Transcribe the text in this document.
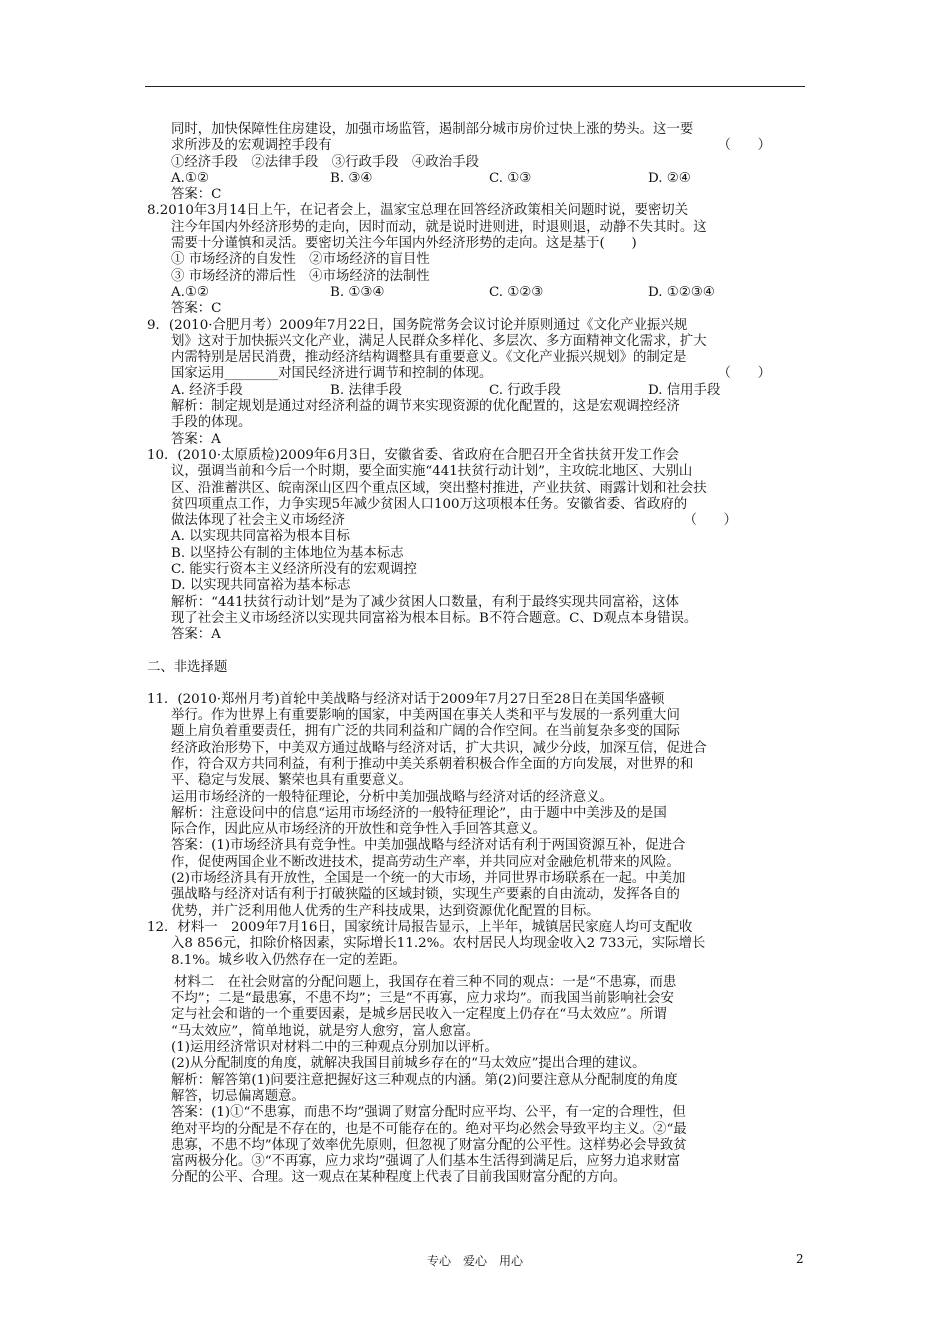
同时，加快保障性住房建设，加强市场监管，遏制部分城市房价过快上涨的势头。这一要
求所涉及的宏观调控手段有	（　　）
①经济手段　②法律手段　③行政手段　④政治手段
A.①②	B. ③④	C. ①③	D. ②④
答案：C
8.2010年3月14日上午，在记者会上，温家宝总理在回答经济政策相关问题时说，要密切关
注今年国内外经济形势的走向，因时而动，就是说时进则进，时退则退，动静不失其时。这
需要十分谨慎和灵活。要密切关注今年国内外经济形势的走向。这是基于(　　)
① 市场经济的自发性　②市场经济的盲目性
③ 市场经济的滞后性　④市场经济的法制性
A.①②	B. ①③④	C. ①②③	D. ①②③④
答案：C
9．(2010·合肥月考）2009年7月22日，国务院常务会议讨论并原则通过《文化产业振兴规
划》这对于加快振兴文化产业，满足人民群众多样化、多层次、多方面精神文化需求，扩大
内需特别是居民消费，推动经济结构调整具有重要意义。《文化产业振兴规划》的制定是
国家运用________对国民经济进行调节和控制的体现。	（　　）
A. 经济手段	B. 法律手段	C. 行政手段	D. 信用手段
解析：制定规划是通过对经济利益的调节来实现资源的优化配置的，这是宏观调控经济
手段的体现。
答案：A
10．(2010·太原质检)2009年6月3日，安徽省委、省政府在合肥召开全省扶贫开发工作会
议，强调当前和今后一个时期，要全面实施“441扶贫行动计划”，主攻皖北地区、大别山
区、沿淮蓄洪区、皖南深山区四个重点区域，突出整村推进，产业扶贫、雨露计划和社会扶
贫四项重点工作，力争实现5年减少贫困人口100万这项根本任务。安徽省委、省政府的
做法体现了社会主义市场经济	（　　）
A. 以实现共同富裕为根本目标
B. 以坚持公有制的主体地位为基本标志
C. 能实行资本主义经济所没有的宏观调控
D. 以实现共同富裕为基本标志
解析：“441扶贫行动计划”是为了减少贫困人口数量，有利于最终实现共同富裕，这体
现了社会主义市场经济以实现共同富裕为根本目标。B不符合题意。C、D观点本身错误。
答案：A
二、非选择题
11．(2010·郑州月考)首轮中美战略与经济对话于2009年7月27日至28日在美国华盛顿
举行。作为世界上有重要影响的国家，中美两国在事关人类和平与发展的一系列重大问
题上肩负着重要责任，拥有广泛的共同利益和广阔的合作空间。在当前复杂多变的国际
经济政治形势下，中美双方通过战略与经济对话，扩大共识，减少分歧，加深互信，促进合
作，符合双方共同利益，有利于推动中美关系朝着积极合作全面的方向发展，对世界的和
平、稳定与发展、繁荣也具有重要意义。
运用市场经济的一般特征理论，分析中美加强战略与经济对话的经济意义。
解析：注意设问中的信息“运用市场经济的一般特征理论”，由于题中中美涉及的是国
际合作，因此应从市场经济的开放性和竞争性入手回答其意义。
答案：(1)市场经济具有竞争性。中美加强战略与经济对话有利于两国资源互补，促进合
作，促使两国企业不断改进技术，提高劳动生产率，并共同应对金融危机带来的风险。
(2)市场经济具有开放性，全国是一个统一的大市场，并同世界市场联系在一起。中美加
强战略与经济对话有利于打破狭隘的区域封锁，实现生产要素的自由流动，发挥各自的
优势，并广泛利用他人优秀的生产科技成果，达到资源优化配置的目标。
12．材料一　2009年7月16日，国家统计局报告显示，上半年，城镇居民家庭人均可支配收
入8 856元，扣除价格因素，实际增长11.2%。农村居民人均现金收入2 733元，实际增长
8.1%。城乡收入仍然存在一定的差距。
材料二　在社会财富的分配问题上，我国存在着三种不同的观点：一是“不患寡，而患
不均”；二是“最患寡，不患不均”；三是“不再寡，应力求均”。而我国当前影响社会安
定与社会和谐的一个重要因素，是城乡居民收入一定程度上仍存在“马太效应”。所谓
“马太效应”，简单地说，就是穷人愈穷，富人愈富。
(1)运用经济常识对材料二中的三种观点分别加以评析。
(2)从分配制度的角度，就解决我国目前城乡存在的“马太效应”提出合理的建议。
解析：解答第(1)问要注意把握好这三种观点的内涵。第(2)问要注意从分配制度的角度
解答，切忌偏离题意。
答案：(1)①“不患寡，而患不均”强调了财富分配时应平均、公平，有一定的合理性，但
绝对平均的分配是不存在的，也是不可能存在的。绝对平均必然会导致平均主义。②“最
患寡，不患不均”体现了效率优先原则，但忽视了财富分配的公平性。这样势必会导致贫
富两极分化。③“不再寡，应力求均”强调了人们基本生活得到满足后，应努力追求财富
分配的公平、合理。这一观点在某种程度上代表了目前我国财富分配的方向。
专心　爱心　用心	2
